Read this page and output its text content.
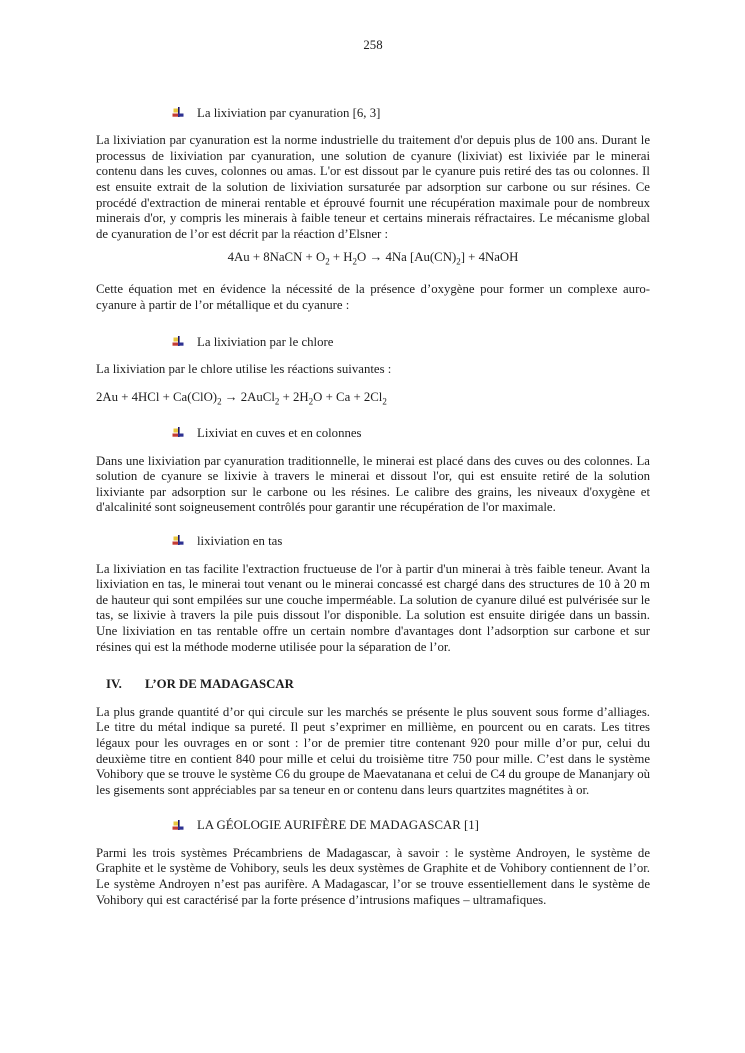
258
La lixiviation par cyanuration [6, 3]

La lixiviation par cyanuration est la norme industrielle du traitement d'or depuis plus de 100 ans. Durant le processus de lixiviation par cyanuration, une solution de cyanure (lixiviat) est lixiviée par le minerai contenu dans les cuves, colonnes ou amas. L'or est dissout par le cyanure puis retiré des tas ou colonnes. Il est ensuite extrait de la solution de lixiviation sursaturée par adsorption sur carbone ou sur résines. Ce procédé d'extraction de minerai rentable et éprouvé fournit une récupération maximale pour de nombreux minerais d'or, y compris les minerais à faible teneur et certains minerais réfractaires. Le mécanisme global de cyanuration de l’or est décrit par la réaction d’Elsner :

4Au + 8NaCN + $O_2 + H_2O \to 4Na$ $[Au(CN)_2]$ + 4NaOH

Cette équation met en évidence la nécessité de la présence d’oxygène pour former un complexe auro-cyanure à partir de l’or métallique et du cyanure :

La lixiviation par le chlore

La lixiviation par le chlore utilise les réactions suivantes :

$2Au + 4HCl + Ca(ClO)_2$ → 2AuCl$_2$ + $2H_2O + Ca + 2Cl_2$
Lixiviat en cuves et en colonnes

Dans une lixiviation par cyanuration traditionnelle, le minerai est placé dans des cuves ou des colonnes. La solution de cyanure se lixivie à travers le minerai et dissout l'or, qui est ensuite retiré de la solution lixiviante par adsorption sur le carbone ou les résines. Le calibre des grains, les niveaux d'oxygène et d'alcalinité sont soigneusement contrôlés pour garantir une récupération de l'or maximale.

lixiviation en tas

La lixiviation en tas facilite l'extraction fructueuse de l'or à partir d'un minerai à très faible teneur. Avant la lixiviation en tas, le minerai tout venant ou le minerai concassé est chargé dans des structures de 10 à 20 m de hauteur qui sont empilées sur une couche imperméable. La solution de cyanure dilué est pulvérisée sur le tas, se lixivie à travers la pile puis dissout l'or disponible. La solution est ensuite dirigée dans un bassin. Une lixiviation en tas rentable offre un certain nombre d'avantages dont l’adsorption sur carbone et sur résines qui est la méthode moderne utilisée pour la séparation de l’or.

IV.	L’OR DE MADAGASCAR

La plus grande quantité d’or qui circule sur les marchés se présente le plus souvent sous forme d’alliages. Le titre du métal indique sa pureté. Il peut s’exprimer en millième, en pourcent ou en carats. Les titres légaux pour les ouvrages en or sont : l’or de premier titre contenant 920 pour mille d’or pur, celui du deuxième titre en contient 840 pour mille et celui du troisième titre 750 pour mille. C’est dans le système Vohibory que se trouve le système C6 du groupe de Maevatanana et celui de C4 du groupe de Mananjary où les gisements sont appréciables par sa teneur en or contenu dans leurs quartzites magnétites à or.

LA GÉOLOGIE AURIFÈRE DE MADAGASCAR [1]

Parmi les trois systèmes Précambriens de Madagascar, à savoir : le système Androyen, le système de Graphite et le système de Vohibory, seuls les deux systèmes de Graphite et de Vohibory contiennent de l’or. Le système Androyen n’est pas aurifère. A Madagascar, l’or se trouve essentiellement dans le système de Vohibory qui est caractérisé par la forte présence d’intrusions mafiques – ultramafiques.
